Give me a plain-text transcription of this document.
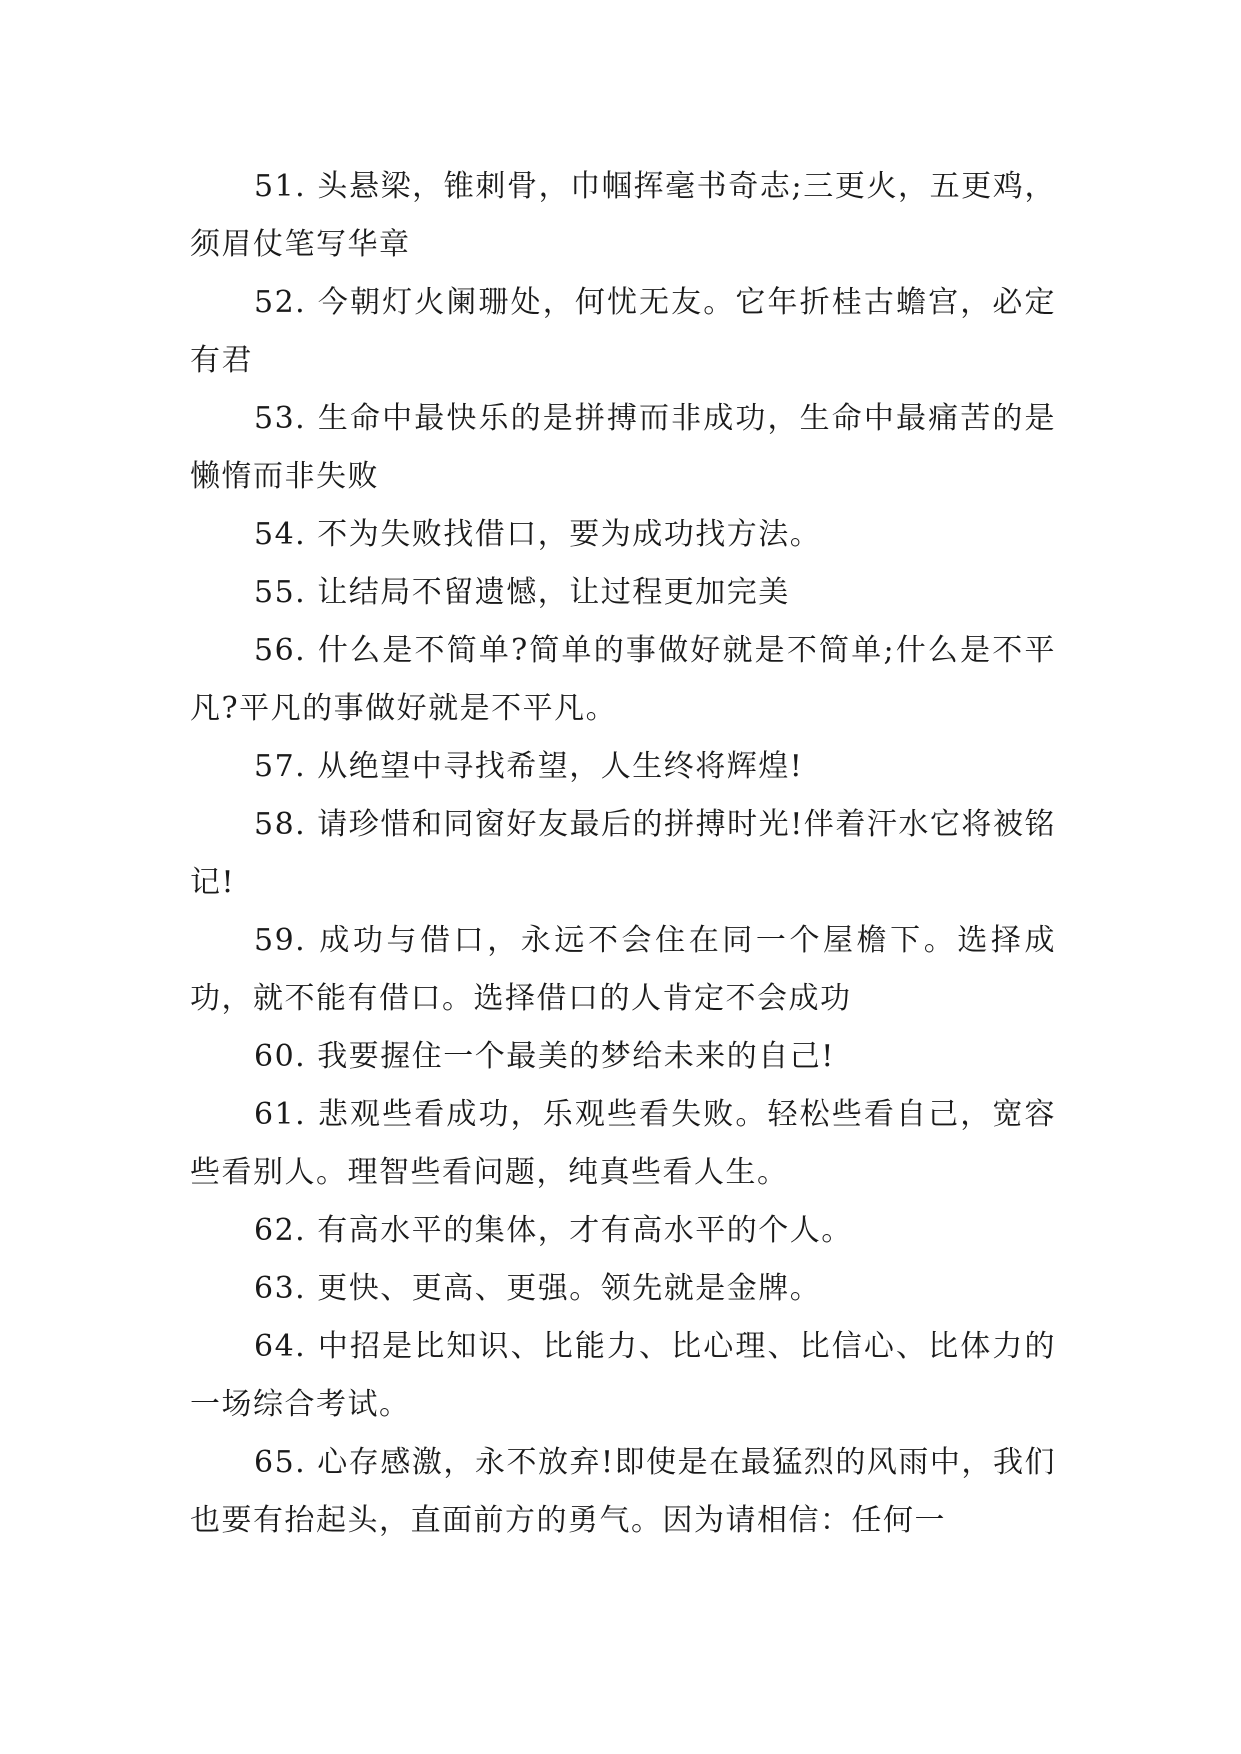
51. 头悬梁，锥刺骨，巾帼挥毫书奇志;三更火，五更鸡，须眉仗笔写华章

52. 今朝灯火阑珊处，何忧无友。它年折桂古蟾宫，必定有君

53. 生命中最快乐的是拼搏而非成功，生命中最痛苦的是懒惰而非失败

54. 不为失败找借口，要为成功找方法。

55. 让结局不留遗憾，让过程更加完美

56. 什么是不简单?简单的事做好就是不简单;什么是不平凡?平凡的事做好就是不平凡。

57. 从绝望中寻找希望，人生终将辉煌!

58. 请珍惜和同窗好友最后的拼搏时光!伴着汗水它将被铭记!

59. 成功与借口，永远不会住在同一个屋檐下。选择成功，就不能有借口。选择借口的人肯定不会成功

60. 我要握住一个最美的梦给未来的自己!

61. 悲观些看成功，乐观些看失败。轻松些看自己，宽容些看别人。理智些看问题，纯真些看人生。

62. 有高水平的集体，才有高水平的个人。

63. 更快、更高、更强。领先就是金牌。

64. 中招是比知识、比能力、比心理、比信心、比体力的一场综合考试。

65. 心存感激，永不放弃!即使是在最猛烈的风雨中，我们也要有抬起头，直面前方的勇气。因为请相信：任何一
